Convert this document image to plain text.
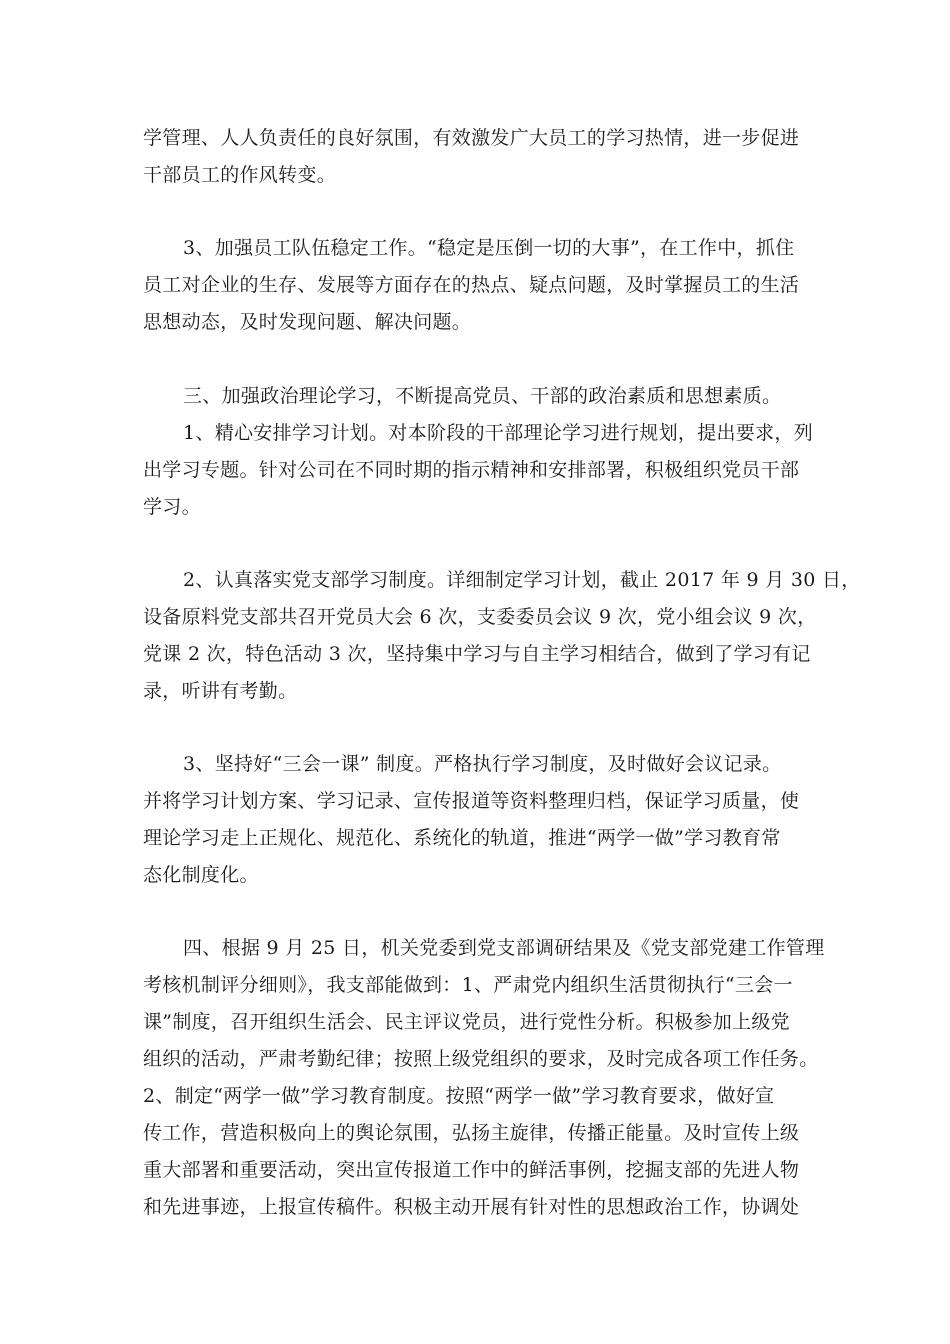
学管理、人人负责任的良好氛围，有效激发广大员工的学习热情，进一步促进
干部员工的作风转变。
3、加强员工队伍稳定工作。“稳定是压倒一切的大事”，在工作中，抓住
员工对企业的生存、发展等方面存在的热点、疑点问题，及时掌握员工的生活
思想动态，及时发现问题、解决问题。
三、加强政治理论学习，不断提高党员、干部的政治素质和思想素质。
1、精心安排学习计划。对本阶段的干部理论学习进行规划，提出要求，列
出学习专题。针对公司在不同时期的指示精神和安排部署，积极组织党员干部
学习。
2、认真落实党支部学习制度。详细制定学习计划，截止 2017 年 9 月 30 日，
设备原料党支部共召开党员大会 6 次，支委委员会议 9 次，党小组会议 9 次，
党课 2 次，特色活动 3 次，坚持集中学习与自主学习相结合，做到了学习有记
录，听讲有考勤。
3、坚持好“三会一课” 制度。严格执行学习制度，及时做好会议记录。
并将学习计划方案、学习记录、宣传报道等资料整理归档，保证学习质量，使
理论学习走上正规化、规范化、系统化的轨道，推进“两学一做”学习教育常
态化制度化。
四、根据 9 月 25 日，机关党委到党支部调研结果及《党支部党建工作管理
考核机制评分细则》，我支部能做到：1、严肃党内组织生活贯彻执行“三会一
课”制度，召开组织生活会、民主评议党员，进行党性分析。积极参加上级党
组织的活动，严肃考勤纪律；按照上级党组织的要求，及时完成各项工作任务。
2、制定“两学一做”学习教育制度。按照“两学一做”学习教育要求，做好宣
传工作，营造积极向上的舆论氛围，弘扬主旋律，传播正能量。及时宣传上级
重大部署和重要活动，突出宣传报道工作中的鲜活事例，挖掘支部的先进人物
和先进事迹，上报宣传稿件。积极主动开展有针对性的思想政治工作，协调处
